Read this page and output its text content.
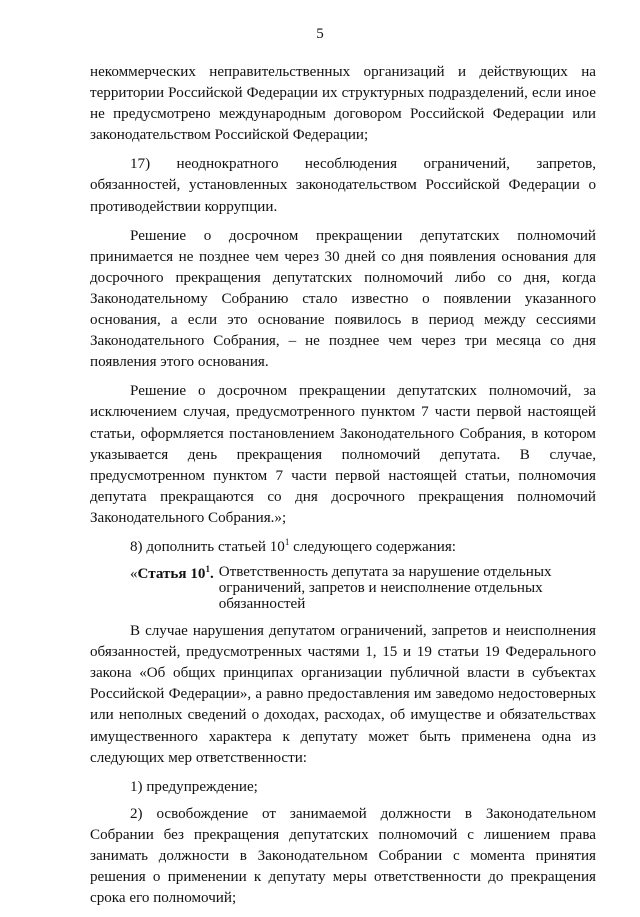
5

некоммерческих неправительственных организаций и действующих на территории Российской Федерации их структурных подразделений, если иное не предусмотрено международным договором Российской Федерации или законодательством Российской Федерации;

17) неоднократного несоблюдения ограничений, запретов, обязанностей, установленных законодательством Российской Федерации о противодействии коррупции.

Решение о досрочном прекращении депутатских полномочий принимается не позднее чем через 30 дней со дня появления основания для досрочного прекращения депутатских полномочий либо со дня, когда Законодательному Собранию стало известно о появлении указанного основания, а если это основание появилось в период между сессиями Законодательного Собрания, – не позднее чем через три месяца со дня появления этого основания.

Решение о досрочном прекращении депутатских полномочий, за исключением случая, предусмотренного пунктом 7 части первой настоящей статьи, оформляется постановлением Законодательного Собрания, в котором указывается день прекращения полномочий депутата. В случае, предусмотренном пунктом 7 части первой настоящей статьи, полномочия депутата прекращаются со дня досрочного прекращения полномочий Законодательного Собрания.»;

8) дополнить статьей $10^1$ следующего содержания:

«Статья $10^1$. Ответственность депутата за нарушение отдельных ограничений, запретов и неисполнение отдельных обязанностей

В случае нарушения депутатом ограничений, запретов и неисполнения обязанностей, предусмотренных частями 1, 15 и 19 статьи 19 Федерального закона «Об общих принципах организации публичной власти в субъектах Российской Федерации», а равно предоставления им заведомо недостоверных или неполных сведений о доходах, расходах, об имуществе и обязательствах имущественного характера к депутату может быть применена одна из следующих мер ответственности:

1) предупреждение;

2) освобождение от занимаемой должности в Законодательном Собрании без прекращения депутатских полномочий с лишением права занимать должности в Законодательном Собрании с момента принятия решения о применении к депутату меры ответственности до прекращения срока его полномочий;
